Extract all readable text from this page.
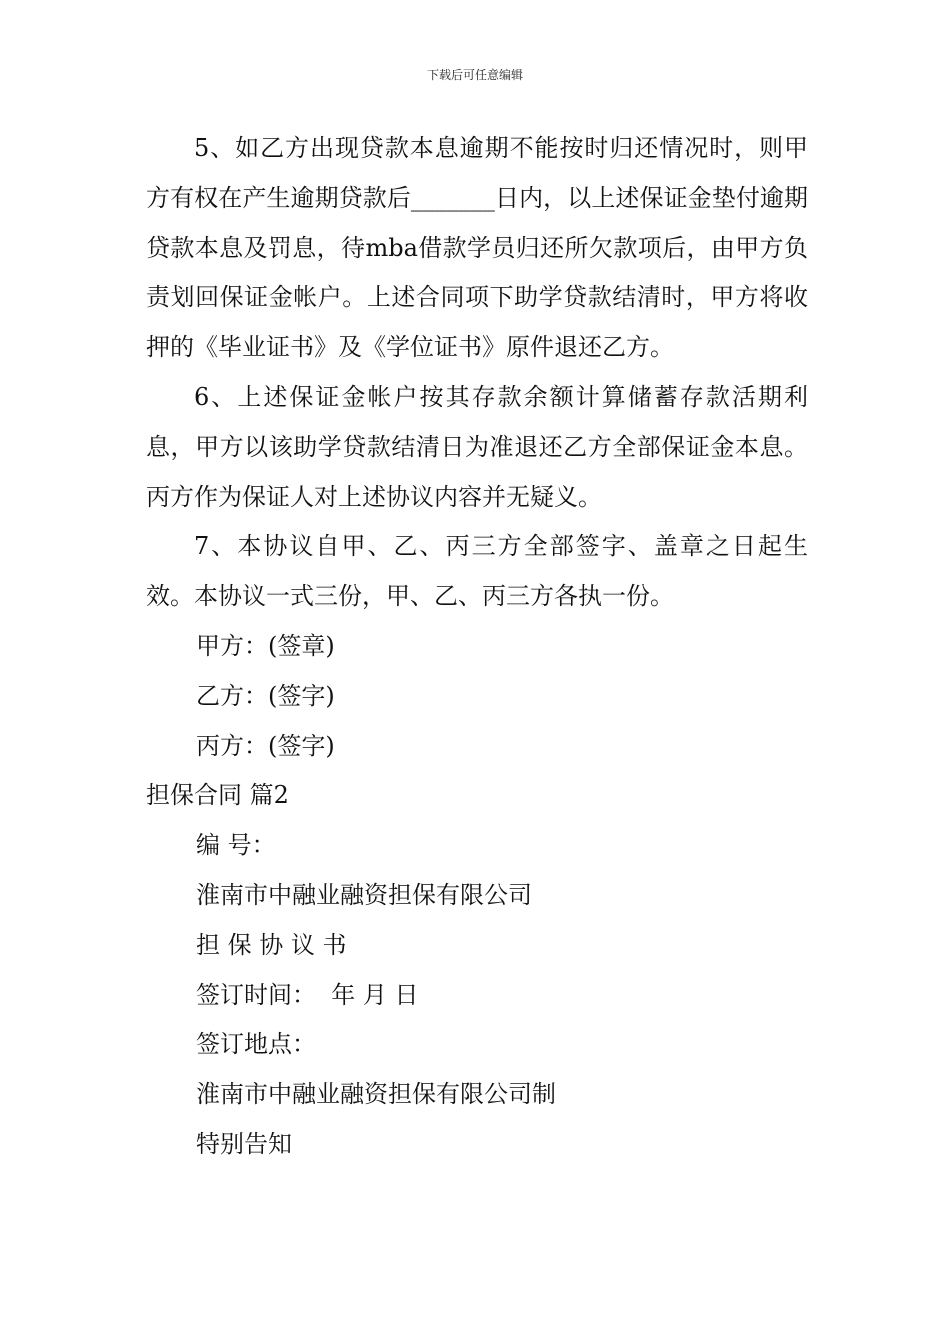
下载后可任意编辑

5、如乙方出现贷款本息逾期不能按时归还情况时，则甲方有权在产生逾期贷款后_______日内，以上述保证金垫付逾期贷款本息及罚息，待mba借款学员归还所欠款项后，由甲方负责划回保证金帐户。上述合同项下助学贷款结清时，甲方将收押的《毕业证书》及《学位证书》原件退还乙方。

6、上述保证金帐户按其存款余额计算储蓄存款活期利息，甲方以该助学贷款结清日为准退还乙方全部保证金本息。丙方作为保证人对上述协议内容并无疑义。

7、本协议自甲、乙、丙三方全部签字、盖章之日起生效。本协议一式三份，甲、乙、丙三方各执一份。

甲方：(签章)

乙方：(签字)

丙方：(签字)

担保合同 篇2

编 号：

淮南市中融业融资担保有限公司

担 保 协 议 书

签订时间： 年 月 日

签订地点：

淮南市中融业融资担保有限公司制

特别告知
